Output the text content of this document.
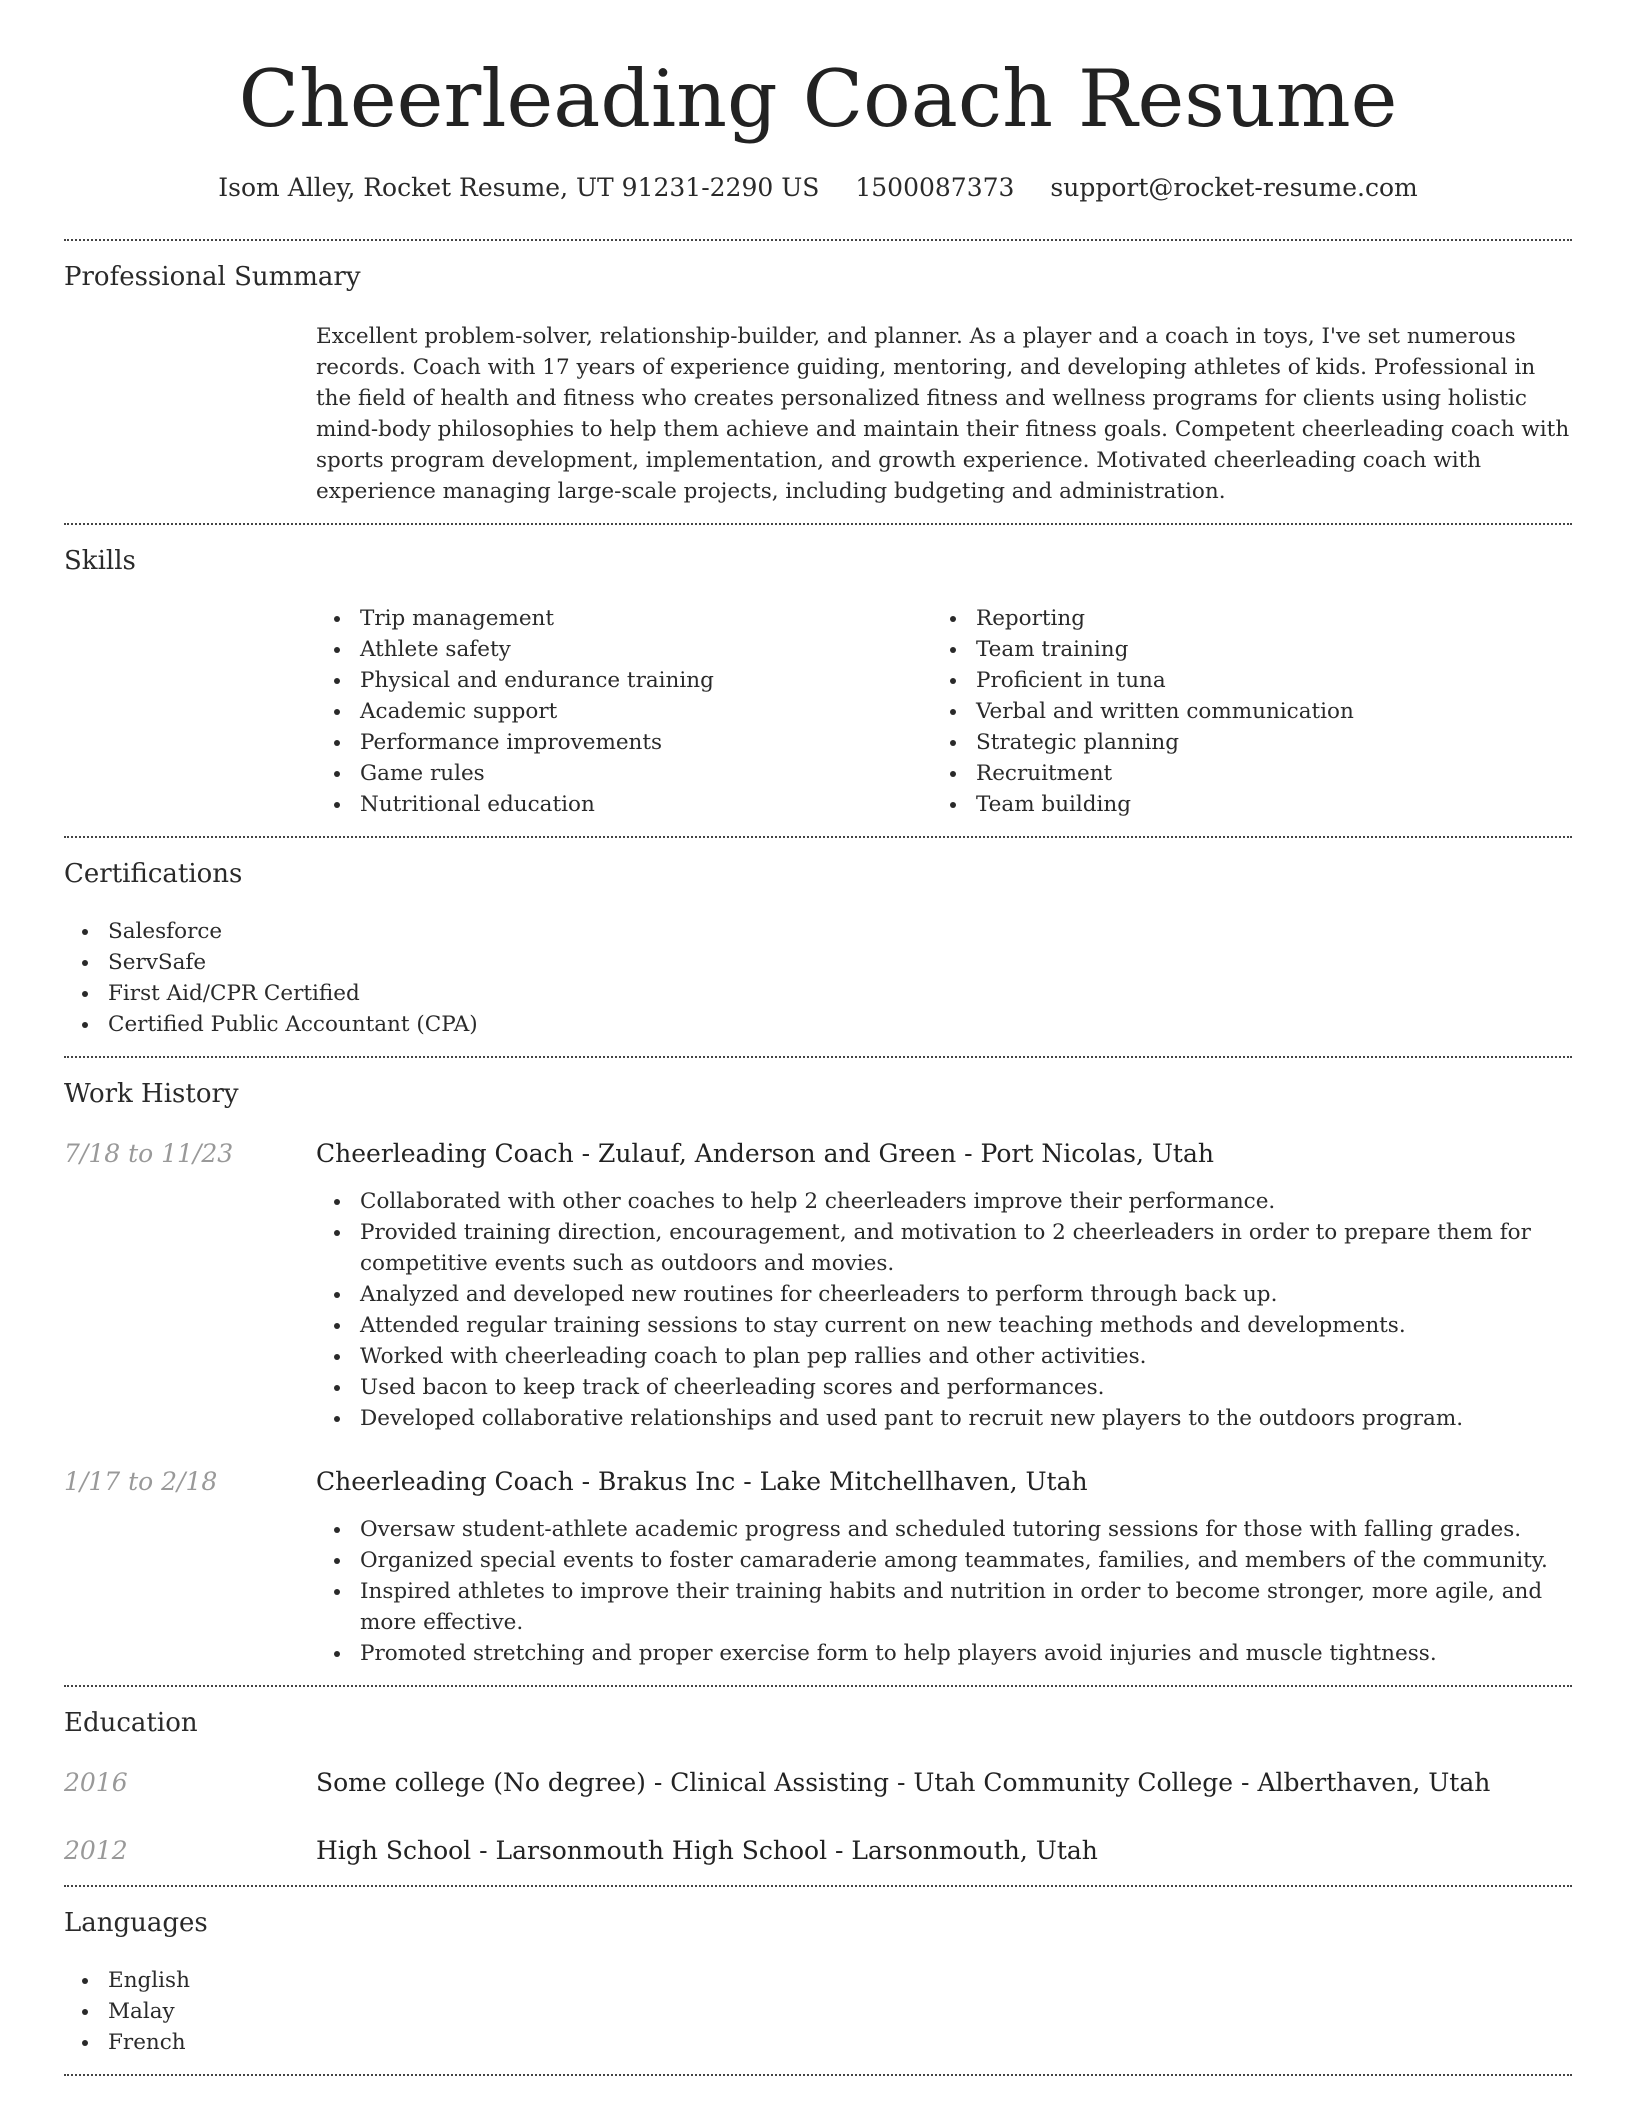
Cheerleading Coach Resume
Isom Alley, Rocket Resume, UT 91231-2290 US 1500087373 support@rocket-resume.com
Professional Summary
Excellent problem-solver, relationship-builder, and planner. As a player and a coach in toys, I've set numerous records. Coach with 17 years of experience guiding, mentoring, and developing athletes of kids. Professional in the field of health and fitness who creates personalized fitness and wellness programs for clients using holistic mind-body philosophies to help them achieve and maintain their fitness goals. Competent cheerleading coach with sports program development, implementation, and growth experience. Motivated cheerleading coach with experience managing large-scale projects, including budgeting and administration.
Skills
Trip management
Athlete safety
Physical and endurance training
Academic support
Performance improvements
Game rules
Nutritional education
Reporting
Team training
Proficient in tuna
Verbal and written communication
Strategic planning
Recruitment
Team building
Certifications
Salesforce
ServSafe
First Aid/CPR Certified
Certified Public Accountant (CPA)
Work History
7/18 to 11/23	Cheerleading Coach - Zulauf, Anderson and Green - Port Nicolas, Utah
Collaborated with other coaches to help 2 cheerleaders improve their performance.
Provided training direction, encouragement, and motivation to 2 cheerleaders in order to prepare them for competitive events such as outdoors and movies.
Analyzed and developed new routines for cheerleaders to perform through back up.
Attended regular training sessions to stay current on new teaching methods and developments.
Worked with cheerleading coach to plan pep rallies and other activities.
Used bacon to keep track of cheerleading scores and performances.
Developed collaborative relationships and used pant to recruit new players to the outdoors program.
1/17 to 2/18	Cheerleading Coach - Brakus Inc - Lake Mitchellhaven, Utah
Oversaw student-athlete academic progress and scheduled tutoring sessions for those with falling grades.
Organized special events to foster camaraderie among teammates, families, and members of the community.
Inspired athletes to improve their training habits and nutrition in order to become stronger, more agile, and more effective.
Promoted stretching and proper exercise form to help players avoid injuries and muscle tightness.
Education
2016	Some college (No degree) - Clinical Assisting - Utah Community College - Alberthaven, Utah
2012	High School - Larsonmouth High School - Larsonmouth, Utah
Languages
English
Malay
French
